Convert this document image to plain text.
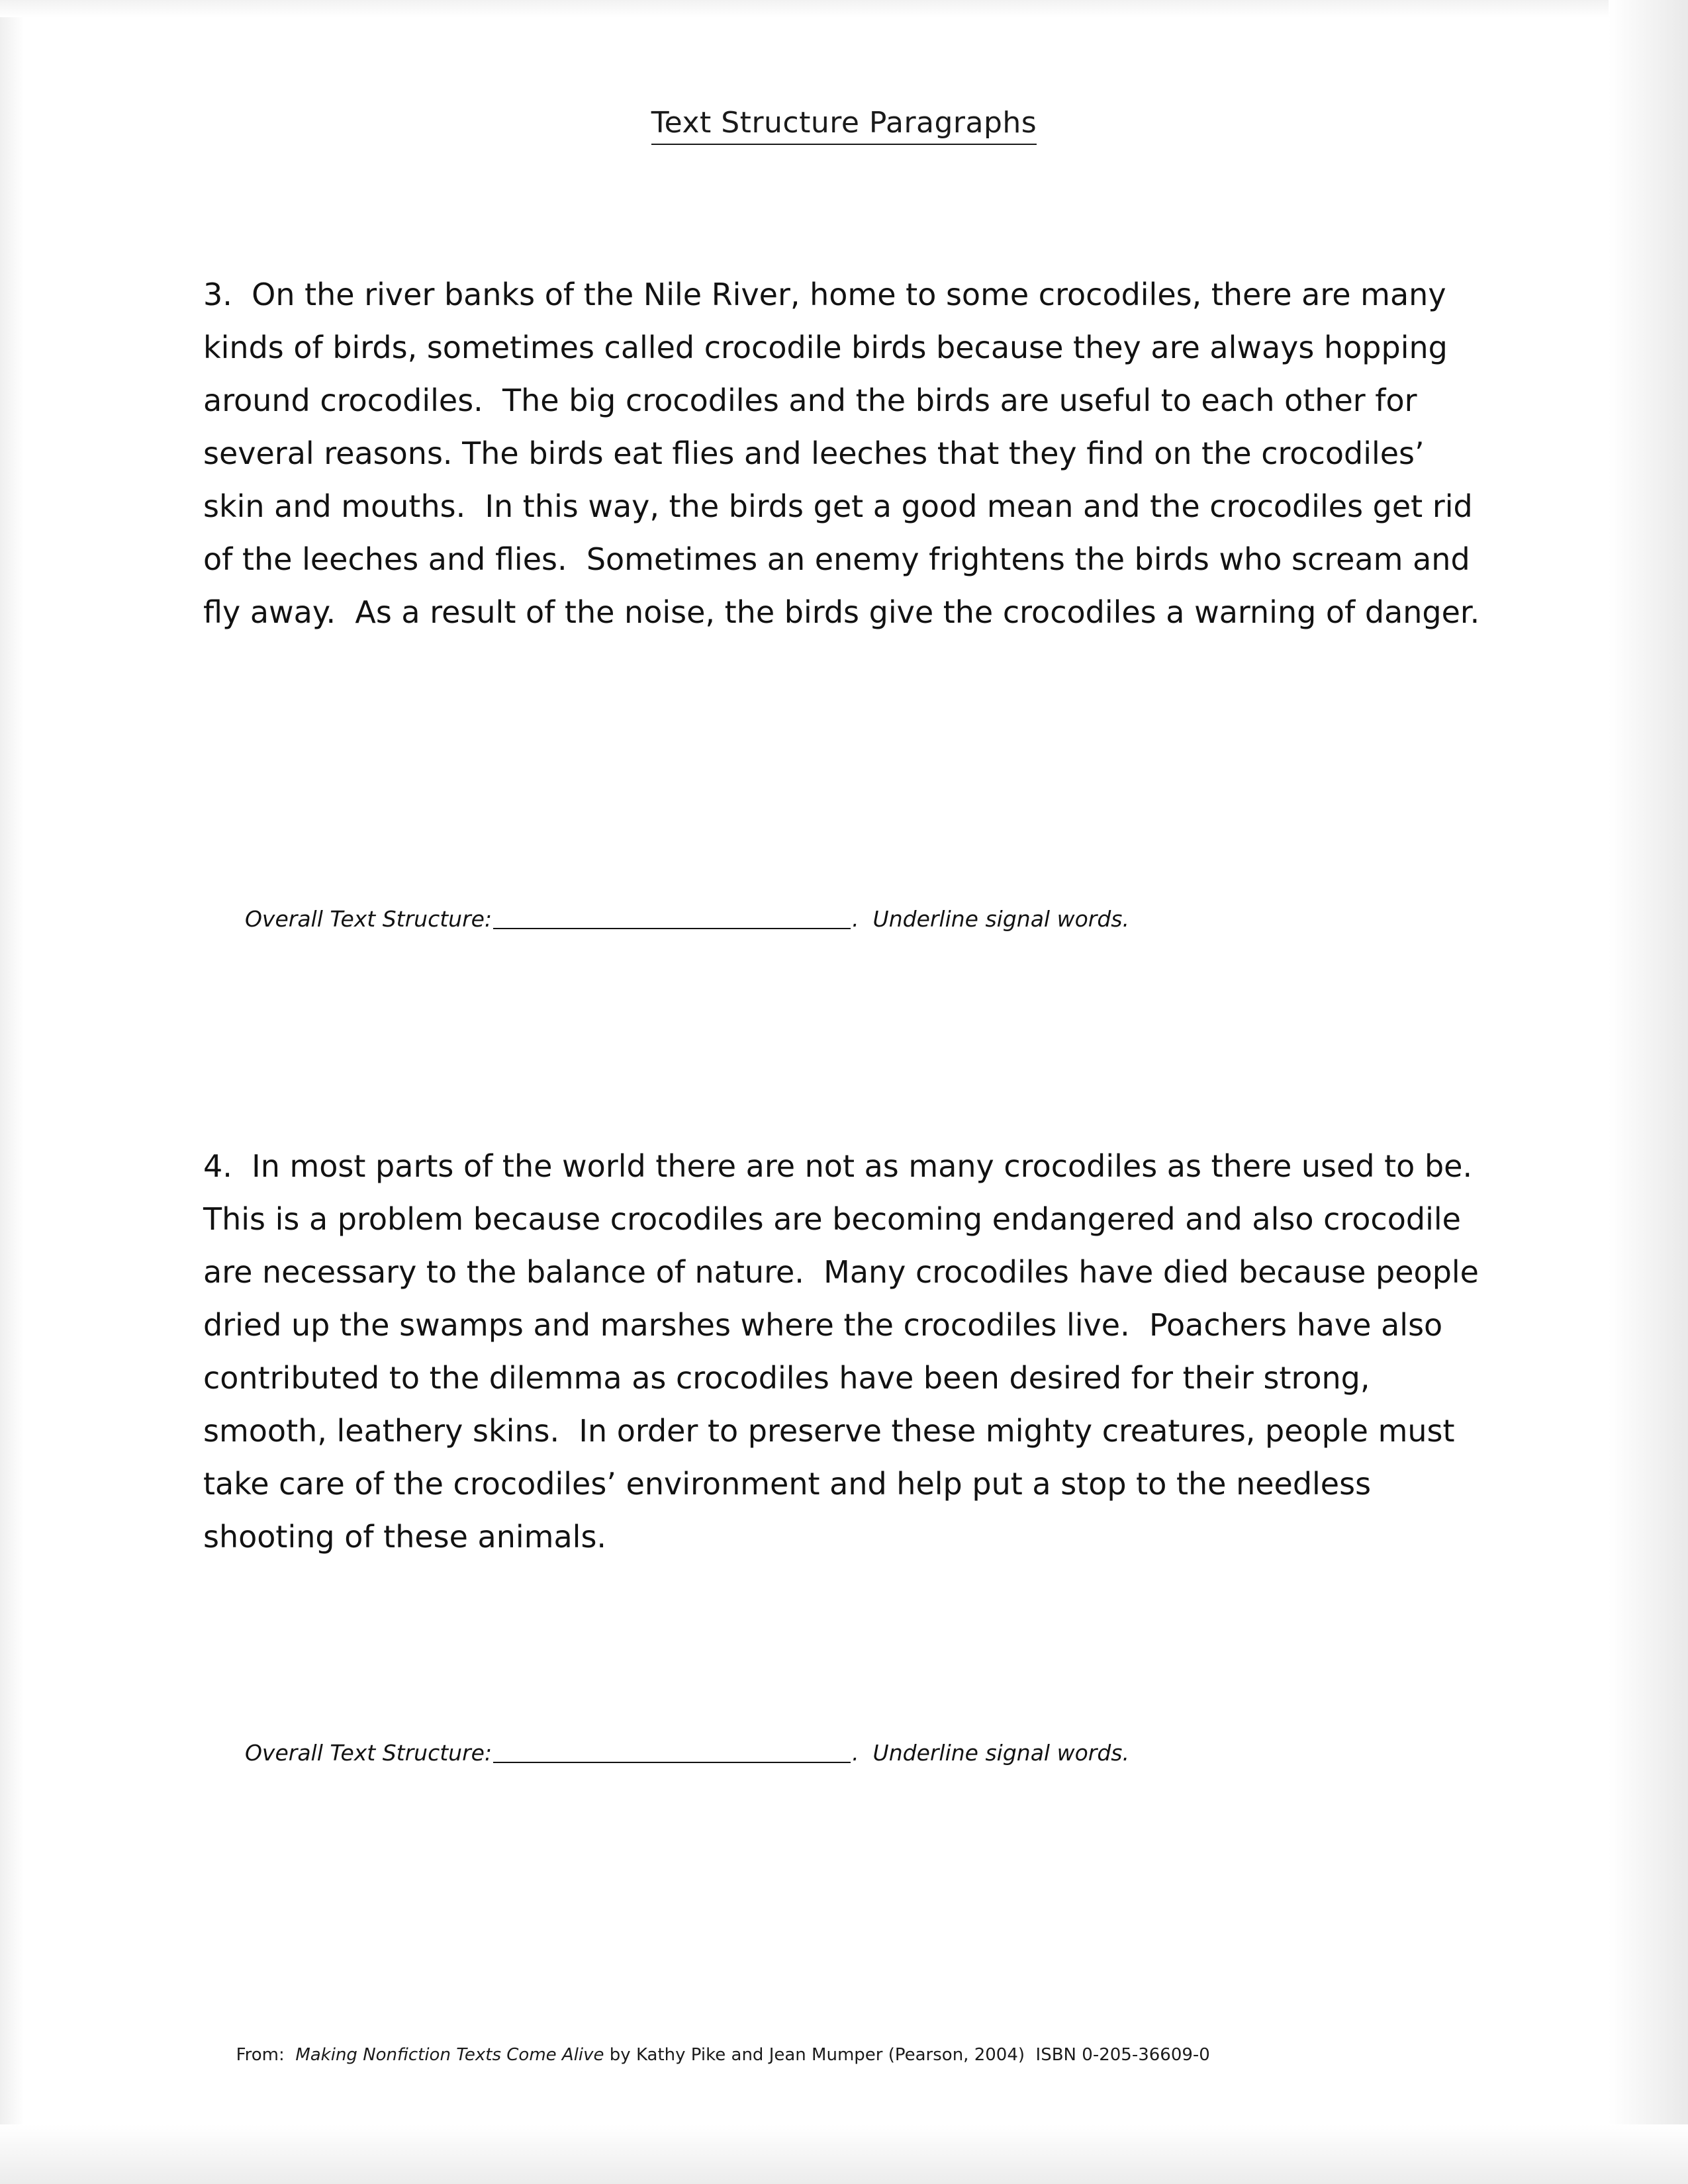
Text Structure Paragraphs
3.  On the river banks of the Nile River, home to some crocodiles, there are many kinds of birds, sometimes called crocodile birds because they are always hopping around crocodiles.  The big crocodiles and the birds are useful to each other for several reasons. The birds eat flies and leeches that they find on the crocodiles’ skin and mouths.  In this way, the birds get a good mean and the crocodiles get rid of the leeches and flies.  Sometimes an enemy frightens the birds who scream and fly away.  As a result of the noise, the birds give the crocodiles a warning of danger.

Overall Text Structure:	.  Underline signal words.

4.  In most parts of the world there are not as many crocodiles as there used to be.  This is a problem because crocodiles are becoming endangered and also crocodile are necessary to the balance of nature.  Many crocodiles have died because people dried up the swamps and marshes where the crocodiles live.  Poachers have also contributed to the dilemma as crocodiles have been desired for their strong, smooth, leathery skins.  In order to preserve these mighty creatures, people must take care of the crocodiles’ environment and help put a stop to the needless shooting of these animals.

Overall Text Structure:	.  Underline signal words.

From:  Making Nonfiction Texts Come Alive by Kathy Pike and Jean Mumper (Pearson, 2004)  ISBN 0-205-36609-0
